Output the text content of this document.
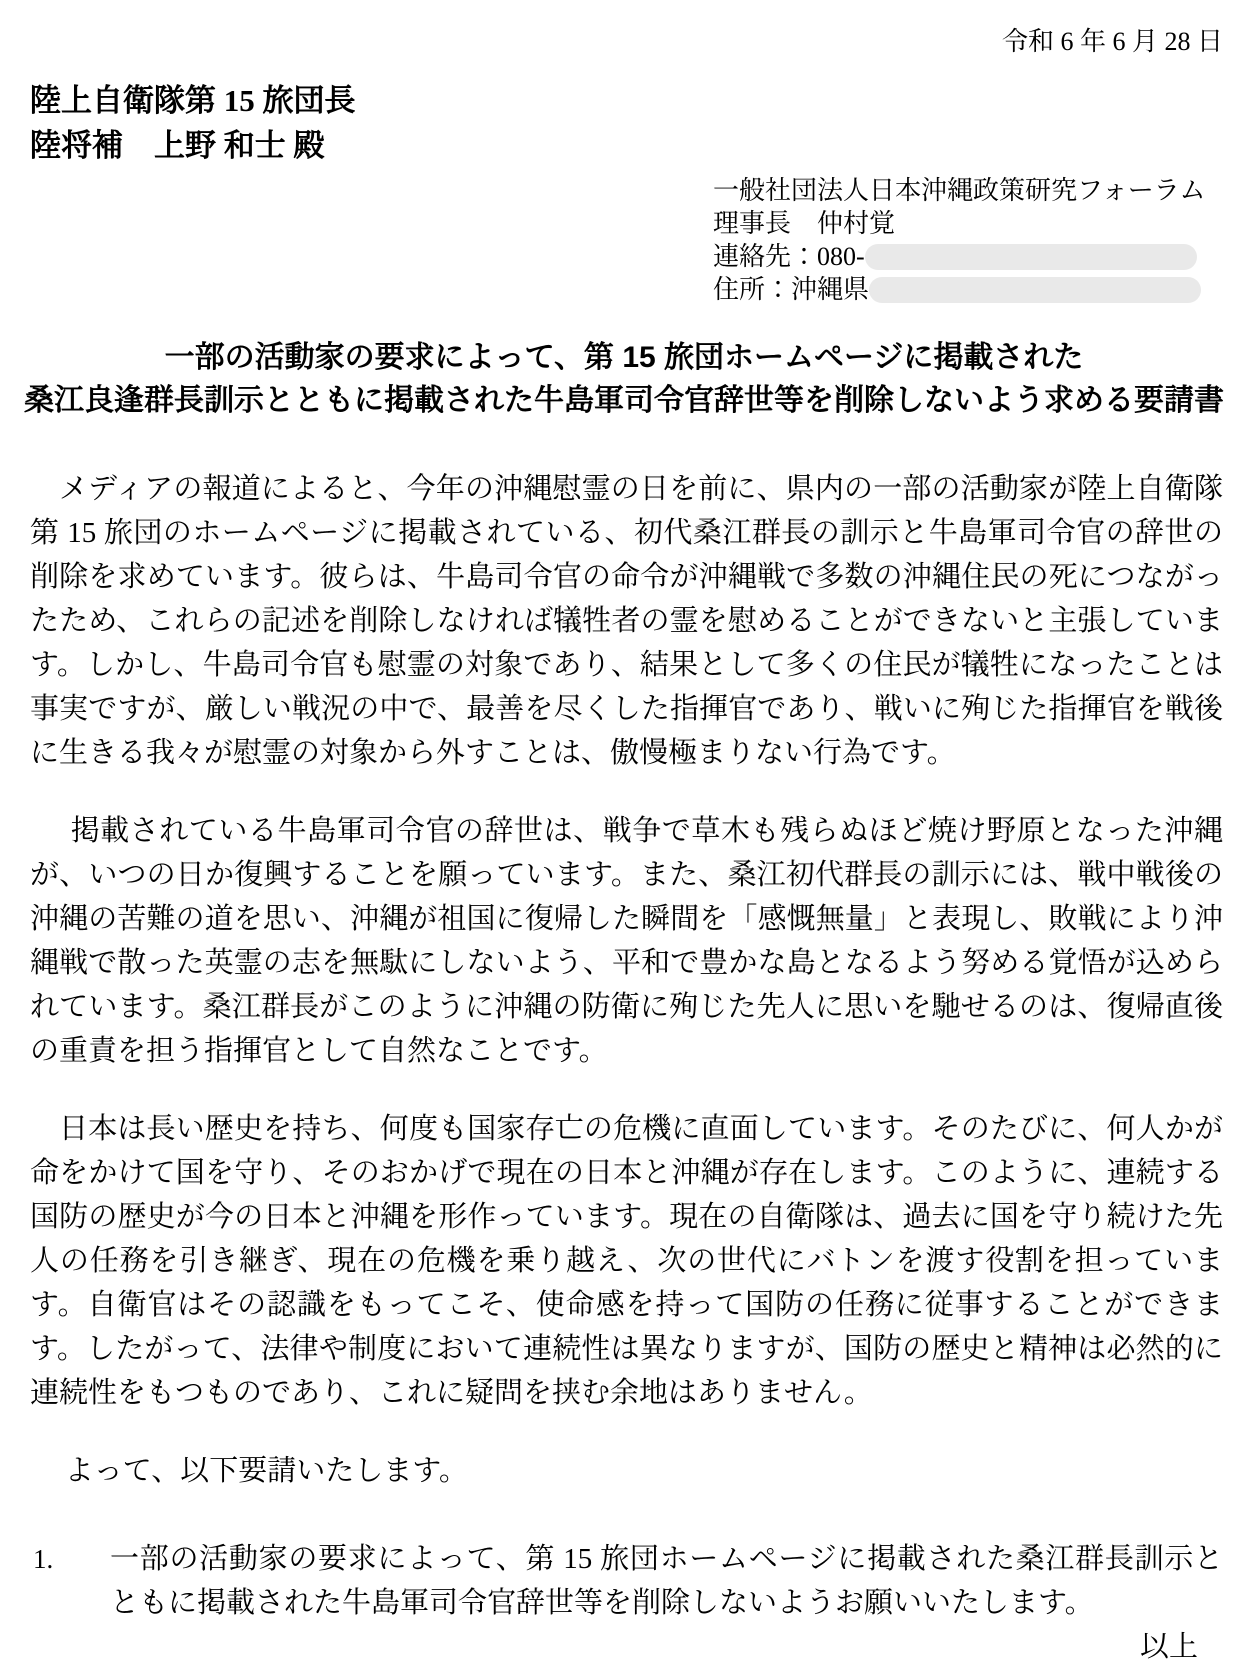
令和 6 年 6 月 28 日
陸上自衛隊第 15 旅団長
陸将補　上野 和士 殿
一般社団法人日本沖縄政策研究フォーラム
理事長　仲村覚
連絡先：080-
住所：沖縄県
一部の活動家の要求によって、第 15 旅団ホームページに掲載された
桑江良逢群長訓示とともに掲載された牛島軍司令官辞世等を削除しないよう求める要請書

メディアの報道によると、今年の沖縄慰霊の日を前に、県内の一部の活動家が陸上自衛隊第 15 旅団のホームページに掲載されている、初代桑江群長の訓示と牛島軍司令官の辞世の削除を求めています。彼らは、牛島司令官の命令が沖縄戦で多数の沖縄住民の死につながったため、これらの記述を削除しなければ犠牲者の霊を慰めることができないと主張しています。しかし、牛島司令官も慰霊の対象であり、結果として多くの住民が犠牲になったことは事実ですが、厳しい戦況の中で、最善を尽くした指揮官であり、戦いに殉じた指揮官を戦後に生きる我々が慰霊の対象から外すことは、傲慢極まりない行為です。

掲載されている牛島軍司令官の辞世は、戦争で草木も残らぬほど焼け野原となった沖縄が、いつの日か復興することを願っています。また、桑江初代群長の訓示には、戦中戦後の沖縄の苦難の道を思い、沖縄が祖国に復帰した瞬間を「感慨無量」と表現し、敗戦により沖縄戦で散った英霊の志を無駄にしないよう、平和で豊かな島となるよう努める覚悟が込められています。桑江群長がこのように沖縄の防衛に殉じた先人に思いを馳せるのは、復帰直後の重責を担う指揮官として自然なことです。

日本は長い歴史を持ち、何度も国家存亡の危機に直面しています。そのたびに、何人かが命をかけて国を守り、そのおかげで現在の日本と沖縄が存在します。このように、連続する国防の歴史が今の日本と沖縄を形作っています。現在の自衛隊は、過去に国を守り続けた先人の任務を引き継ぎ、現在の危機を乗り越え、次の世代にバトンを渡す役割を担っています。自衛官はその認識をもってこそ、使命感を持って国防の任務に従事することができます。したがって、法律や制度において連続性は異なりますが、国防の歴史と精神は必然的に連続性をもつものであり、これに疑問を挟む余地はありません。

よって、以下要請いたします。

1. 一部の活動家の要求によって、第 15 旅団ホームページに掲載された桑江群長訓示とともに掲載された牛島軍司令官辞世等を削除しないようお願いいたします。
以上
